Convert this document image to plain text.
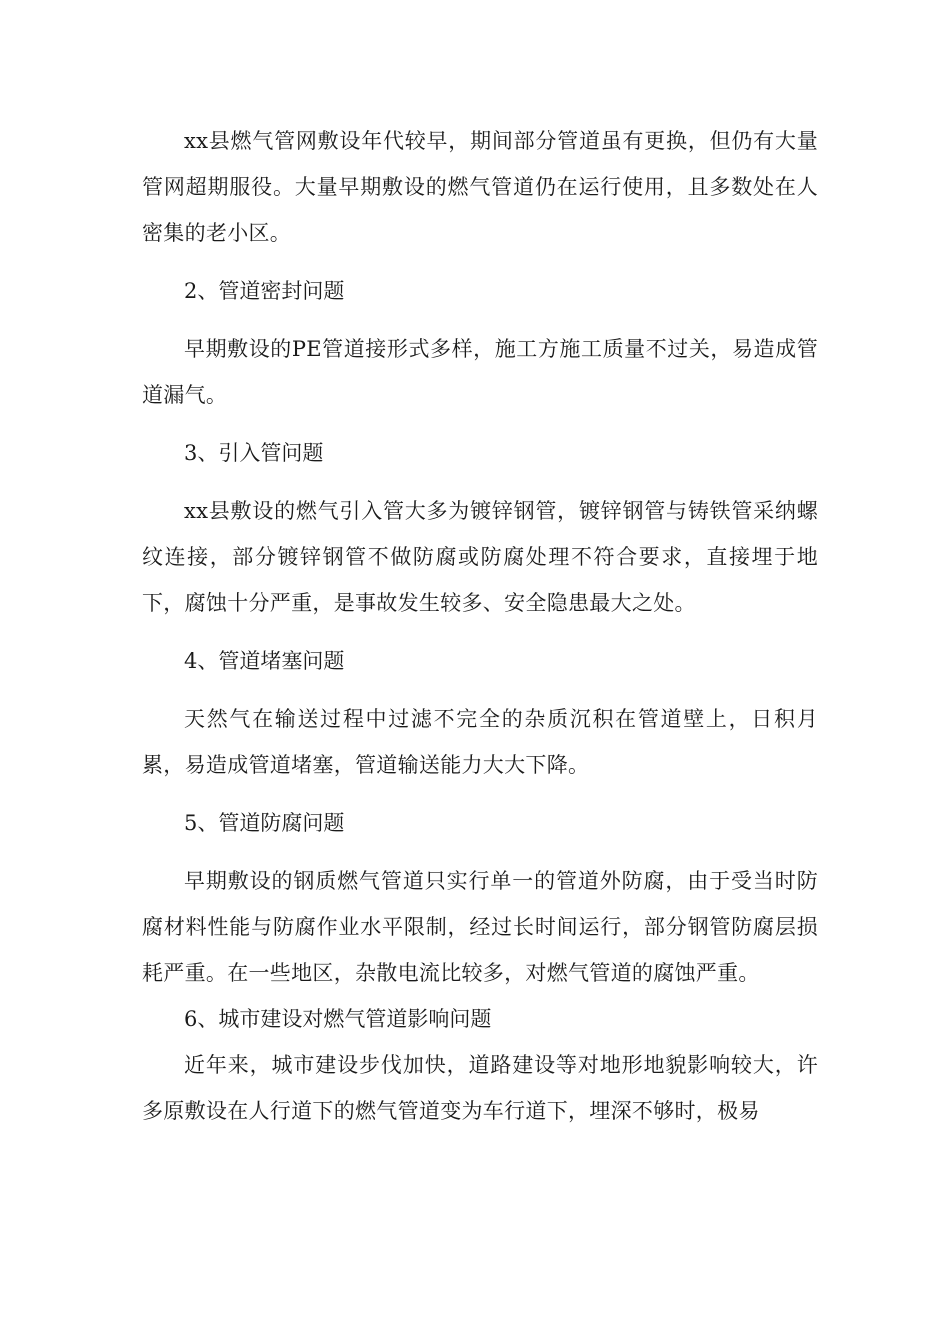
xx县燃气管网敷设年代较早，期间部分管道虽有更换，但仍有大量管网超期服役。大量早期敷设的燃气管道仍在运行使用，且多数处在人密集的老小区。

2、管道密封问题

早期敷设的PE管道接形式多样，施工方施工质量不过关，易造成管道漏气。

3、引入管问题

xx县敷设的燃气引入管大多为镀锌钢管，镀锌钢管与铸铁管采纳螺纹连接，部分镀锌钢管不做防腐或防腐处理不符合要求，直接埋于地下，腐蚀十分严重，是事故发生较多、安全隐患最大之处。

4、管道堵塞问题

天然气在输送过程中过滤不完全的杂质沉积在管道壁上，日积月累，易造成管道堵塞，管道输送能力大大下降。

5、管道防腐问题

早期敷设的钢质燃气管道只实行单一的管道外防腐，由于受当时防腐材料性能与防腐作业水平限制，经过长时间运行，部分钢管防腐层损耗严重。在一些地区，杂散电流比较多，对燃气管道的腐蚀严重。

6、城市建设对燃气管道影响问题

近年来，城市建设步伐加快，道路建设等对地形地貌影响较大，许多原敷设在人行道下的燃气管道变为车行道下，埋深不够时，极易
